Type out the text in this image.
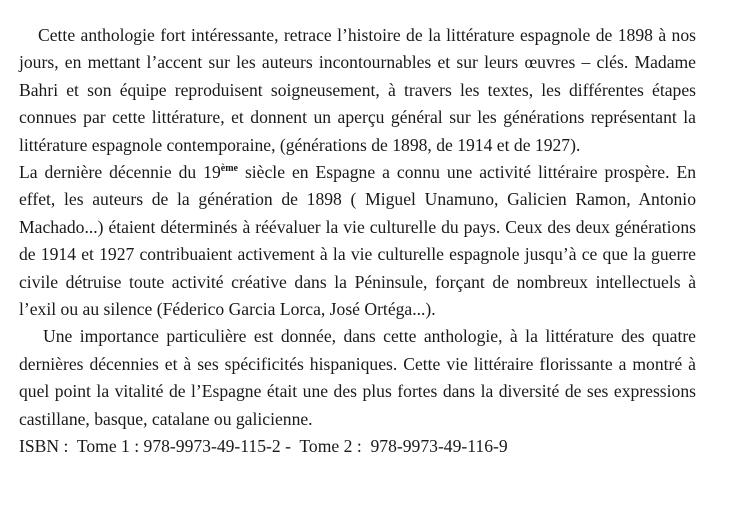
Cette anthologie fort intéressante, retrace l’histoire de la littérature espagnole de 1898 à nos jours, en mettant l’accent sur les auteurs incontournables et sur leurs œuvres – clés. Madame Bahri et son équipe reproduisent soigneusement, à travers les textes, les différentes étapes connues par cette littérature, et donnent un aperçu général sur les générations représentant la littérature espagnole contemporaine, (générations de 1898, de 1914 et de 1927).

La dernière décennie du 19ème siècle en Espagne a connu une activité littéraire prospère. En effet, les auteurs de la génération de 1898 ( Miguel Unamuno, Galicien Ramon, Antonio Machado...) étaient déterminés à réévaluer la vie culturelle du pays. Ceux des deux générations de 1914 et 1927 contribuaient activement à la vie culturelle espagnole jusqu’à ce que la guerre civile détruise toute activité créative dans la Péninsule, forçant de nombreux intellectuels à l’exil ou au silence (Féderico Garcia Lorca, José Ortéga...).

Une importance particulière est donnée, dans cette anthologie, à la littérature des quatre dernières décennies et à ses spécificités hispaniques. Cette vie littéraire florissante a montré à quel point la vitalité de l’Espagne était une des plus fortes dans la diversité de ses expressions castillane, basque, catalane ou galicienne.

ISBN :  Tome 1 : 978-9973-49-115-2 -  Tome 2 :  978-9973-49-116-9
